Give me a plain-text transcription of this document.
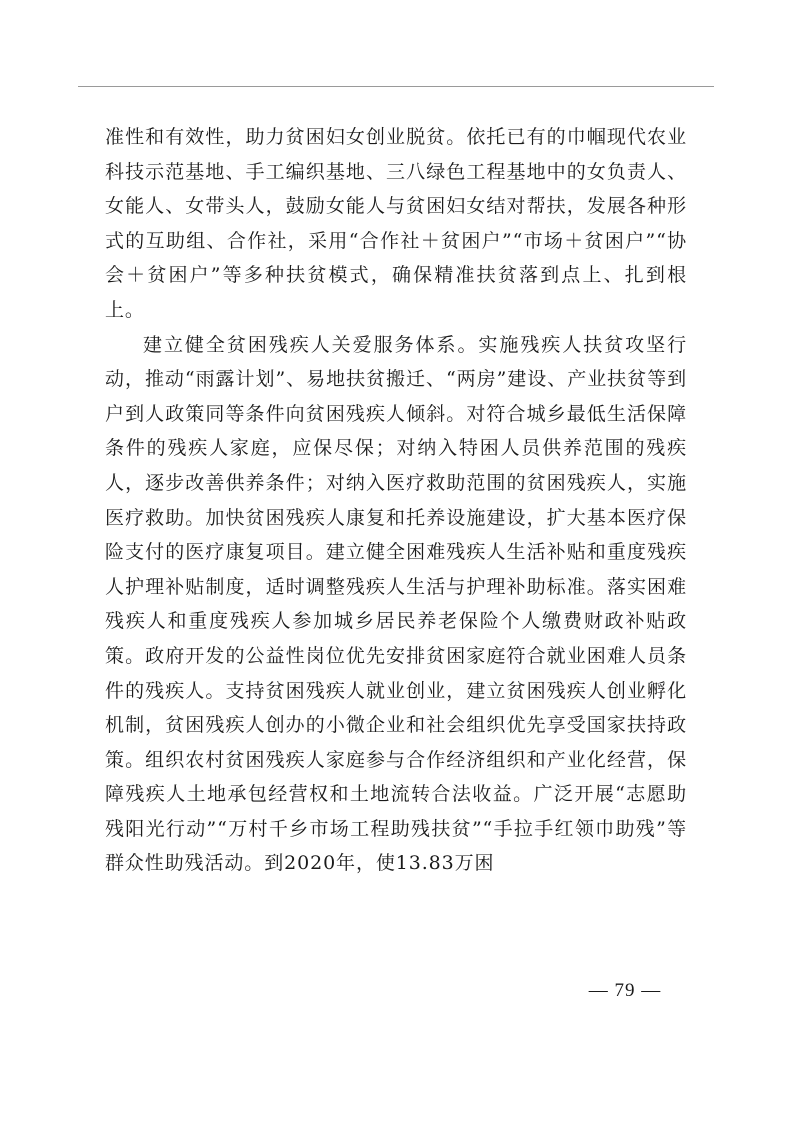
准性和有效性，助力贫困妇女创业脱贫。依托已有的巾帼现代农业科技示范基地、手工编织基地、三八绿色工程基地中的女负责人、女能人、女带头人，鼓励女能人与贫困妇女结对帮扶，发展各种形式的互助组、合作社，采用“合作社＋贫困户”“市场＋贫困户”“协会＋贫困户”等多种扶贫模式，确保精准扶贫落到点上、扎到根上。

建立健全贫困残疾人关爱服务体系。实施残疾人扶贫攻坚行动，推动“雨露计划”、易地扶贫搬迁、“两房”建设、产业扶贫等到户到人政策同等条件向贫困残疾人倾斜。对符合城乡最低生活保障条件的残疾人家庭，应保尽保；对纳入特困人员供养范围的残疾人，逐步改善供养条件；对纳入医疗救助范围的贫困残疾人，实施医疗救助。加快贫困残疾人康复和托养设施建设，扩大基本医疗保险支付的医疗康复项目。建立健全困难残疾人生活补贴和重度残疾人护理补贴制度，适时调整残疾人生活与护理补助标准。落实困难残疾人和重度残疾人参加城乡居民养老保险个人缴费财政补贴政策。政府开发的公益性岗位优先安排贫困家庭符合就业困难人员条件的残疾人。支持贫困残疾人就业创业，建立贫困残疾人创业孵化机制，贫困残疾人创办的小微企业和社会组织优先享受国家扶持政策。组织农村贫困残疾人家庭参与合作经济组织和产业化经营，保障残疾人土地承包经营权和土地流转合法收益。广泛开展“志愿助残阳光行动”“万村千乡市场工程助残扶贫”“手拉手红领巾助残”等群众性助残活动。到2020年，使13.83万困

— 79 —
